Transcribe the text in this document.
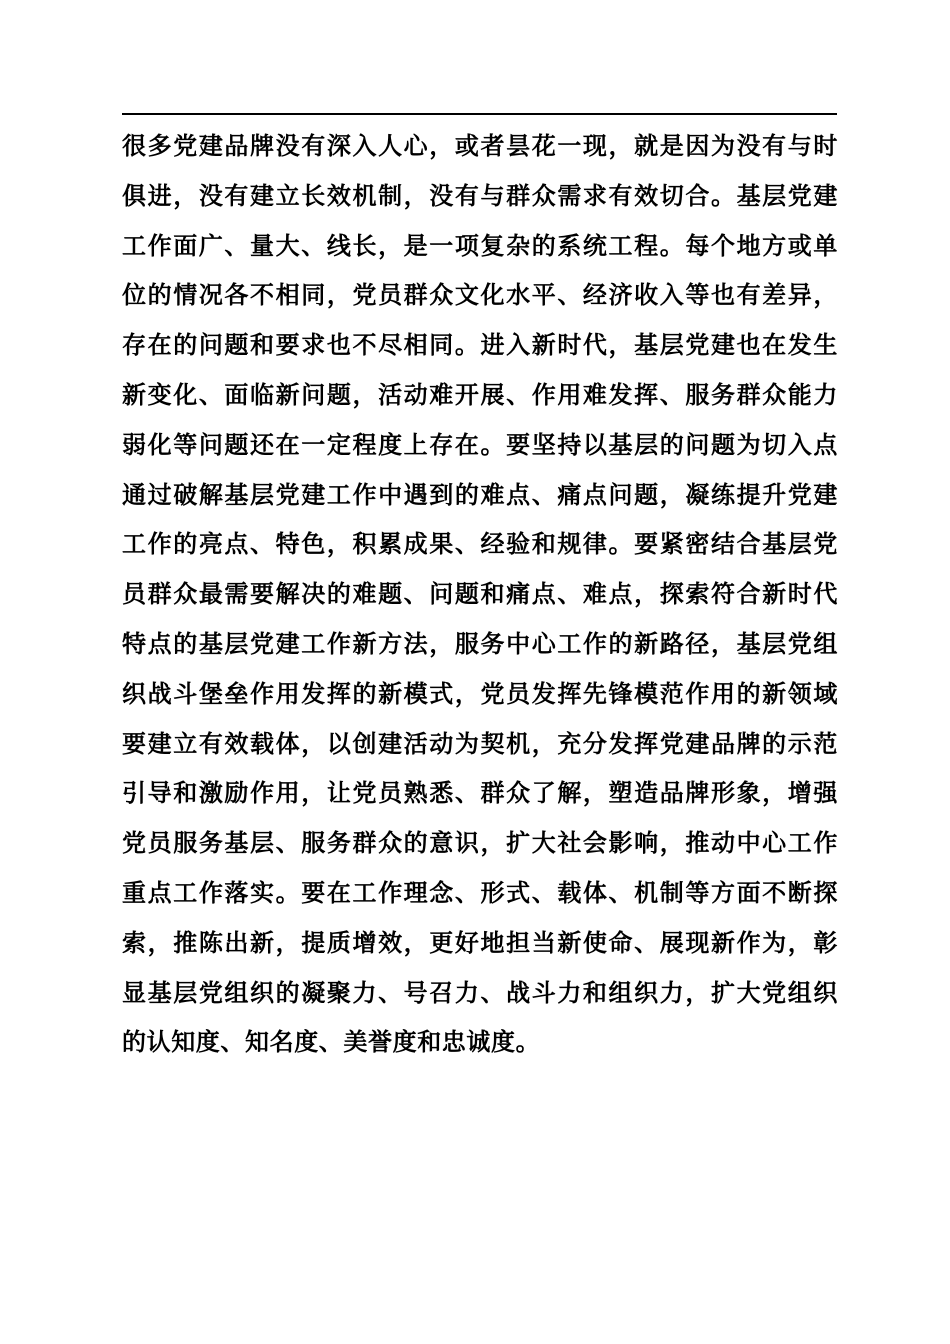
很多党建品牌没有深入人心，或者昙花一现，就是因为没有与时
俱进，没有建立长效机制，没有与群众需求有效切合。基层党建
工作面广、量大、线长，是一项复杂的系统工程。每个地方或单
位的情况各不相同，党员群众文化水平、经济收入等也有差异，
存在的问题和要求也不尽相同。进入新时代，基层党建也在发生
新变化、面临新问题，活动难开展、作用难发挥、服务群众能力
弱化等问题还在一定程度上存在。要坚持以基层的问题为切入点
通过破解基层党建工作中遇到的难点、痛点问题，凝练提升党建
工作的亮点、特色，积累成果、经验和规律。要紧密结合基层党
员群众最需要解决的难题、问题和痛点、难点，探索符合新时代
特点的基层党建工作新方法，服务中心工作的新路径，基层党组
织战斗堡垒作用发挥的新模式，党员发挥先锋模范作用的新领域
要建立有效载体，以创建活动为契机，充分发挥党建品牌的示范
引导和激励作用，让党员熟悉、群众了解，塑造品牌形象，增强
党员服务基层、服务群众的意识，扩大社会影响，推动中心工作
重点工作落实。要在工作理念、形式、载体、机制等方面不断探
索，推陈出新，提质增效，更好地担当新使命、展现新作为，彰
显基层党组织的凝聚力、号召力、战斗力和组织力，扩大党组织
的认知度、知名度、美誉度和忠诚度。
